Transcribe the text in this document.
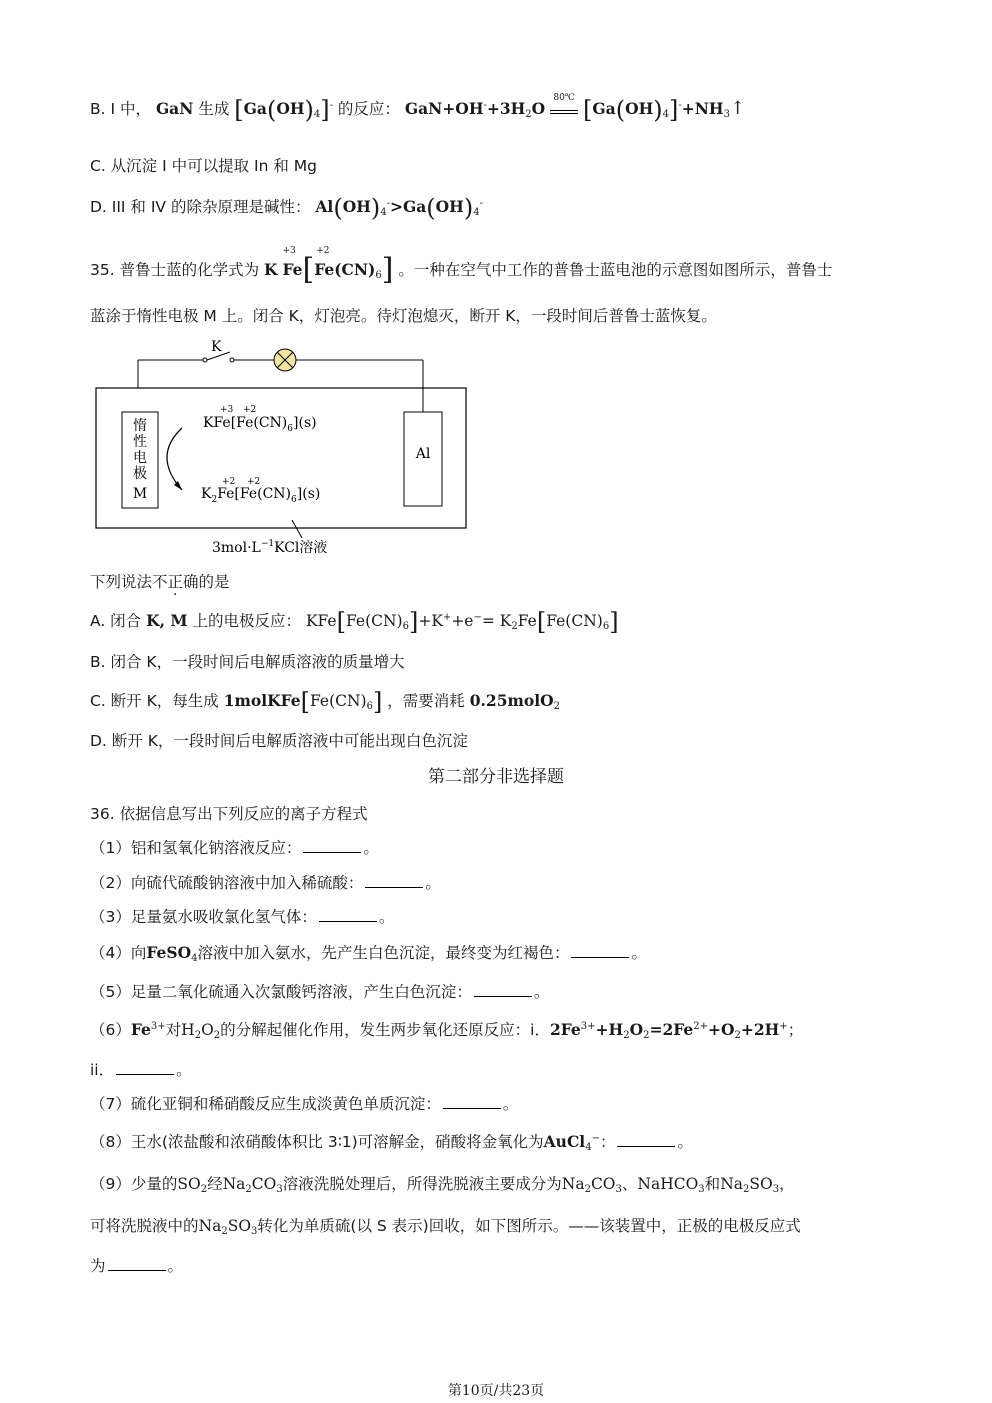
B. I 中， GaN 生成 $[Ga(OH)_4]^-$ 的反应： $GaN+OH^-+3H_2O$
80℃ $[Ga(OH)_4]^-+NH_3↑$
C. 从沉淀 I 中可以提取 In 和 Mg
D. III 和 IV 的除杂原理是碱性： $Al(OH)_4^->Ga(OH)_4^-$
35. 普鲁士蓝的化学式为 K
+3
Fe[
+2
$Fe(CN)_6$] 。一种在空气中工作的普鲁士蓝电池的示意图如图所示，普鲁士
蓝涂于惰性电极 M 上。闭合 K，灯泡亮。待灯泡熄灭，断开 K，一段时间后普鲁士蓝恢复。
K
惰
性
电
极
M
Al
+3 +2
$KFe[Fe(CN)_6](s)$
+2 +2
$K_2Fe[Fe(CN)_6](s)$
$3mol\cdot L^{-1}KCl$溶液
下列说法不正确的是
A. 闭合 K, M 上的电极反应： $KFe[Fe(CN)_6]+K^++e^-= K_2Fe[Fe(CN)_6]$
B. 闭合 K，一段时间后电解质溶液的质量增大
C. 断开 K，每生成 $1molKFe[Fe(CN)_6]$ ，需要消耗 0.25molO$_2$
D. 断开 K，一段时间后电解质溶液中可能出现白色沉淀
第二部分非选择题
36. 依据信息写出下列反应的离子方程式
（1）铝和氢氧化钠溶液反应：	。
（2）向硫代硫酸钠溶液中加入稀硫酸：	。
（3）足量氨水吸收氯化氢气体：	。
（4）向FeSO$_4$溶液中加入氨水，先产生白色沉淀，最终变为红褐色：	。
（5）足量二氧化硫通入次氯酸钙溶液，产生白色沉淀：	。
$(6)Fe^{3+}$对$H_2O_2$的分解起催化作用，发生两步氧化还原反应：i．$2Fe^{3+}+H_2O_2=2Fe^{2+}+O_2+2H^+$；
ii．	。
（7）硫化亚铜和稀硝酸反应生成淡黄色单质沉淀：	。
（8）王水(浓盐酸和浓硝酸体积比 3∶1)可溶解金，硝酸将金氧化为AuCl$_4$−：	。
（9）少量的$SO_2$经$Na_2CO_3$溶液洗脱处理后，所得洗脱液主要成分为$Na_2CO_3$、NaHCO$_3$和$Na_2SO_3$，
可将洗脱液中的$Na_2SO_3$转化为单质硫(以 S 表示)回收，如下图所示。——该装置中，正极的电极反应式
为	。
第10页/共23页
